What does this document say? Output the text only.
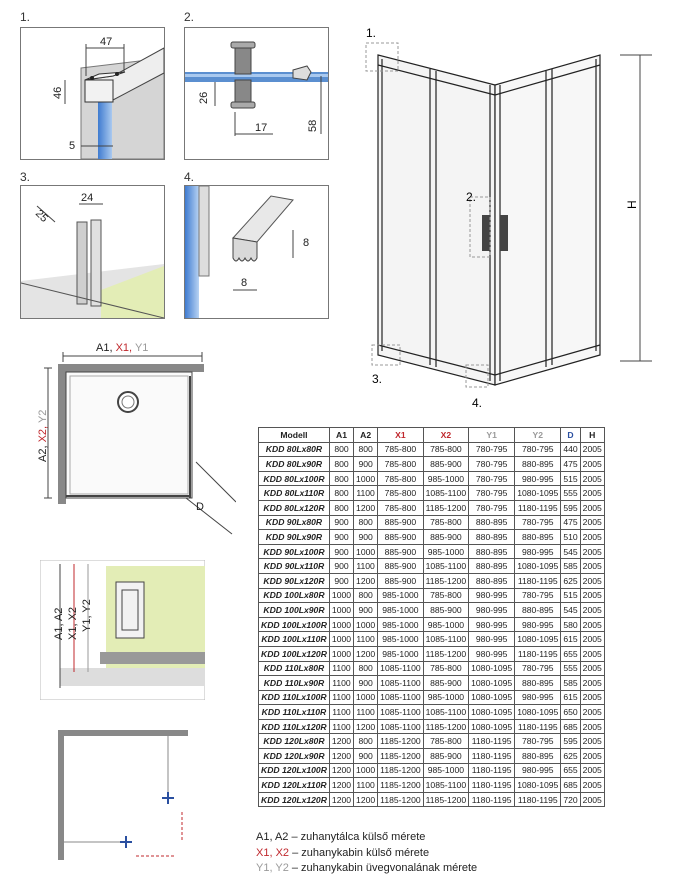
1.
47
46
5
2.
26
17	58
3.
24
25
4.
8
8
H
1.
2.
3.
4.
A1, X1, Y1
A2, X2, Y2
D
A1, A2 X1, X2 Y1, Y2
Modell	A1	A2	X1	X2	Y1	Y2	D	H
KDD 80Lx80R	800	800	785-800	785-800	780-795	780-795	440	2005
KDD 80Lx90R	800	900	785-800	885-900	780-795	880-895	475	2005
KDD 80Lx100R	800	1000	785-800	985-1000	780-795	980-995	515	2005
KDD 80Lx110R	800	1100	785-800	1085-1100	780-795	1080-1095	555	2005
KDD 80Lx120R	800	1200	785-800	1185-1200	780-795	1180-1195	595	2005
KDD 90Lx80R	900	800	885-900	785-800	880-895	780-795	475	2005
KDD 90Lx90R	900	900	885-900	885-900	880-895	880-895	510	2005
KDD 90Lx100R	900	1000	885-900	985-1000	880-895	980-995	545	2005
KDD 90Lx110R	900	1100	885-900	1085-1100	880-895	1080-1095	585	2005
KDD 90Lx120R	900	1200	885-900	1185-1200	880-895	1180-1195	625	2005
KDD 100Lx80R	1000	800	985-1000	785-800	980-995	780-795	515	2005
KDD 100Lx90R	1000	900	985-1000	885-900	980-995	880-895	545	2005
KDD 100Lx100R	1000	1000	985-1000	985-1000	980-995	980-995	580	2005
KDD 100Lx110R	1000	1100	985-1000	1085-1100	980-995	1080-1095	615	2005
KDD 100Lx120R	1000	1200	985-1000	1185-1200	980-995	1180-1195	655	2005
KDD 110Lx80R	1100	800	1085-1100	785-800	1080-1095	780-795	555	2005
KDD 110Lx90R	1100	900	1085-1100	885-900	1080-1095	880-895	585	2005
KDD 110Lx100R	1100	1000	1085-1100	985-1000	1080-1095	980-995	615	2005
KDD 110Lx110R	1100	1100	1085-1100	1085-1100	1080-1095	1080-1095	650	2005
KDD 110Lx120R	1100	1200	1085-1100	1185-1200	1080-1095	1180-1195	685	2005
KDD 120Lx80R	1200	800	1185-1200	785-800	1180-1195	780-795	595	2005
KDD 120Lx90R	1200	900	1185-1200	885-900	1180-1195	880-895	625	2005
KDD 120Lx100R	1200	1000	1185-1200	985-1000	1180-1195	980-995	655	2005
KDD 120Lx110R	1200	1100	1185-1200	1085-1100	1180-1195	1080-1095	685	2005
KDD 120Lx120R	1200	1200	1185-1200	1185-1200	1180-1195	1180-1195	720	2005
A1, A2 – zuhanytálca külső mérete
X1, X2 – zuhanykabin külső mérete
Y1, Y2 – zuhanykabin üvegvonalának mérete
